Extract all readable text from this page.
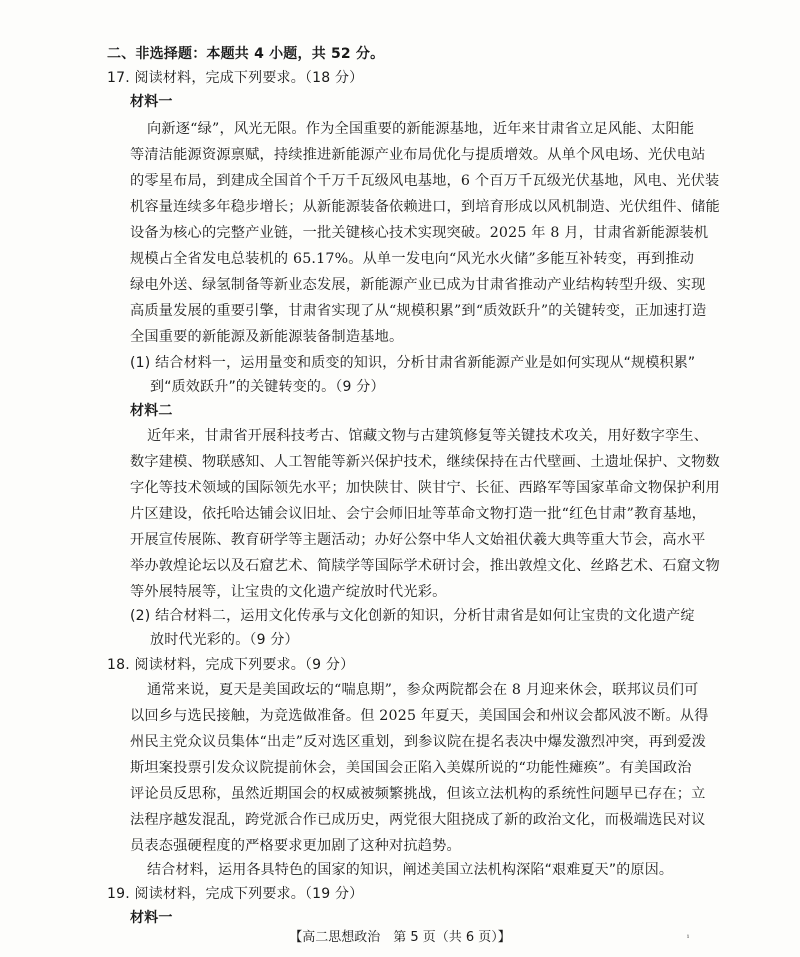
二、非选择题：本题共 4 小题，共 52 分。
17. 阅读材料，完成下列要求。（18 分）
材料一
向新逐“绿”，风光无限。作为全国重要的新能源基地，近年来甘肃省立足风能、太阳能
等清洁能源资源禀赋，持续推进新能源产业布局优化与提质增效。从单个风电场、光伏电站
的零星布局，到建成全国首个千万千瓦级风电基地，6 个百万千瓦级光伏基地，风电、光伏装
机容量连续多年稳步增长；从新能源装备依赖进口，到培育形成以风机制造、光伏组件、储能
设备为核心的完整产业链，一批关键核心技术实现突破。2025 年 8 月，甘肃省新能源装机
规模占全省发电总装机的 65.17%。从单一发电向“风光水火储”多能互补转变，再到推动
绿电外送、绿氢制备等新业态发展，新能源产业已成为甘肃省推动产业结构转型升级、实现
高质量发展的重要引擎，甘肃省实现了从“规模积累”到“质效跃升”的关键转变，正加速打造
全国重要的新能源及新能源装备制造基地。
(1) 结合材料一，运用量变和质变的知识，分析甘肃省新能源产业是如何实现从“规模积累”
到“质效跃升”的关键转变的。（9 分）
材料二
近年来，甘肃省开展科技考古、馆藏文物与古建筑修复等关键技术攻关，用好数字孪生、
数字建模、物联感知、人工智能等新兴保护技术，继续保持在古代壁画、土遗址保护、文物数
字化等技术领域的国际领先水平；加快陕甘、陕甘宁、长征、西路军等国家革命文物保护利用
片区建设，依托哈达铺会议旧址、会宁会师旧址等革命文物打造一批“红色甘肃”教育基地，
开展宣传展陈、教育研学等主题活动；办好公祭中华人文始祖伏羲大典等重大节会，高水平
举办敦煌论坛以及石窟艺术、简牍学等国际学术研讨会，推出敦煌文化、丝路艺术、石窟文物
等外展特展等，让宝贵的文化遗产绽放时代光彩。
(2) 结合材料二，运用文化传承与文化创新的知识，分析甘肃省是如何让宝贵的文化遗产绽
放时代光彩的。（9 分）
18. 阅读材料，完成下列要求。（9 分）
通常来说，夏天是美国政坛的“喘息期”，参众两院都会在 8 月迎来休会，联邦议员们可
以回乡与选民接触，为竞选做准备。但 2025 年夏天，美国国会和州议会都风波不断。从得
州民主党众议员集体“出走”反对选区重划，到参议院在提名表决中爆发激烈冲突，再到爱泼
斯坦案投票引发众议院提前休会，美国国会正陷入美媒所说的“功能性瘫痪”。有美国政治
评论员反思称，虽然近期国会的权威被频繁挑战，但该立法机构的系统性问题早已存在；立
法程序越发混乱，跨党派合作已成历史，两党很大阻挠成了新的政治文化，而极端选民对议
员表态强硬程度的严格要求更加剧了这种对抗趋势。
结合材料，运用各具特色的国家的知识，阐述美国立法机构深陷“艰难夏天”的原因。
19. 阅读材料，完成下列要求。（19 分）
材料一
【高二思想政治　第 5 页（共 6 页）】	ᵢ
